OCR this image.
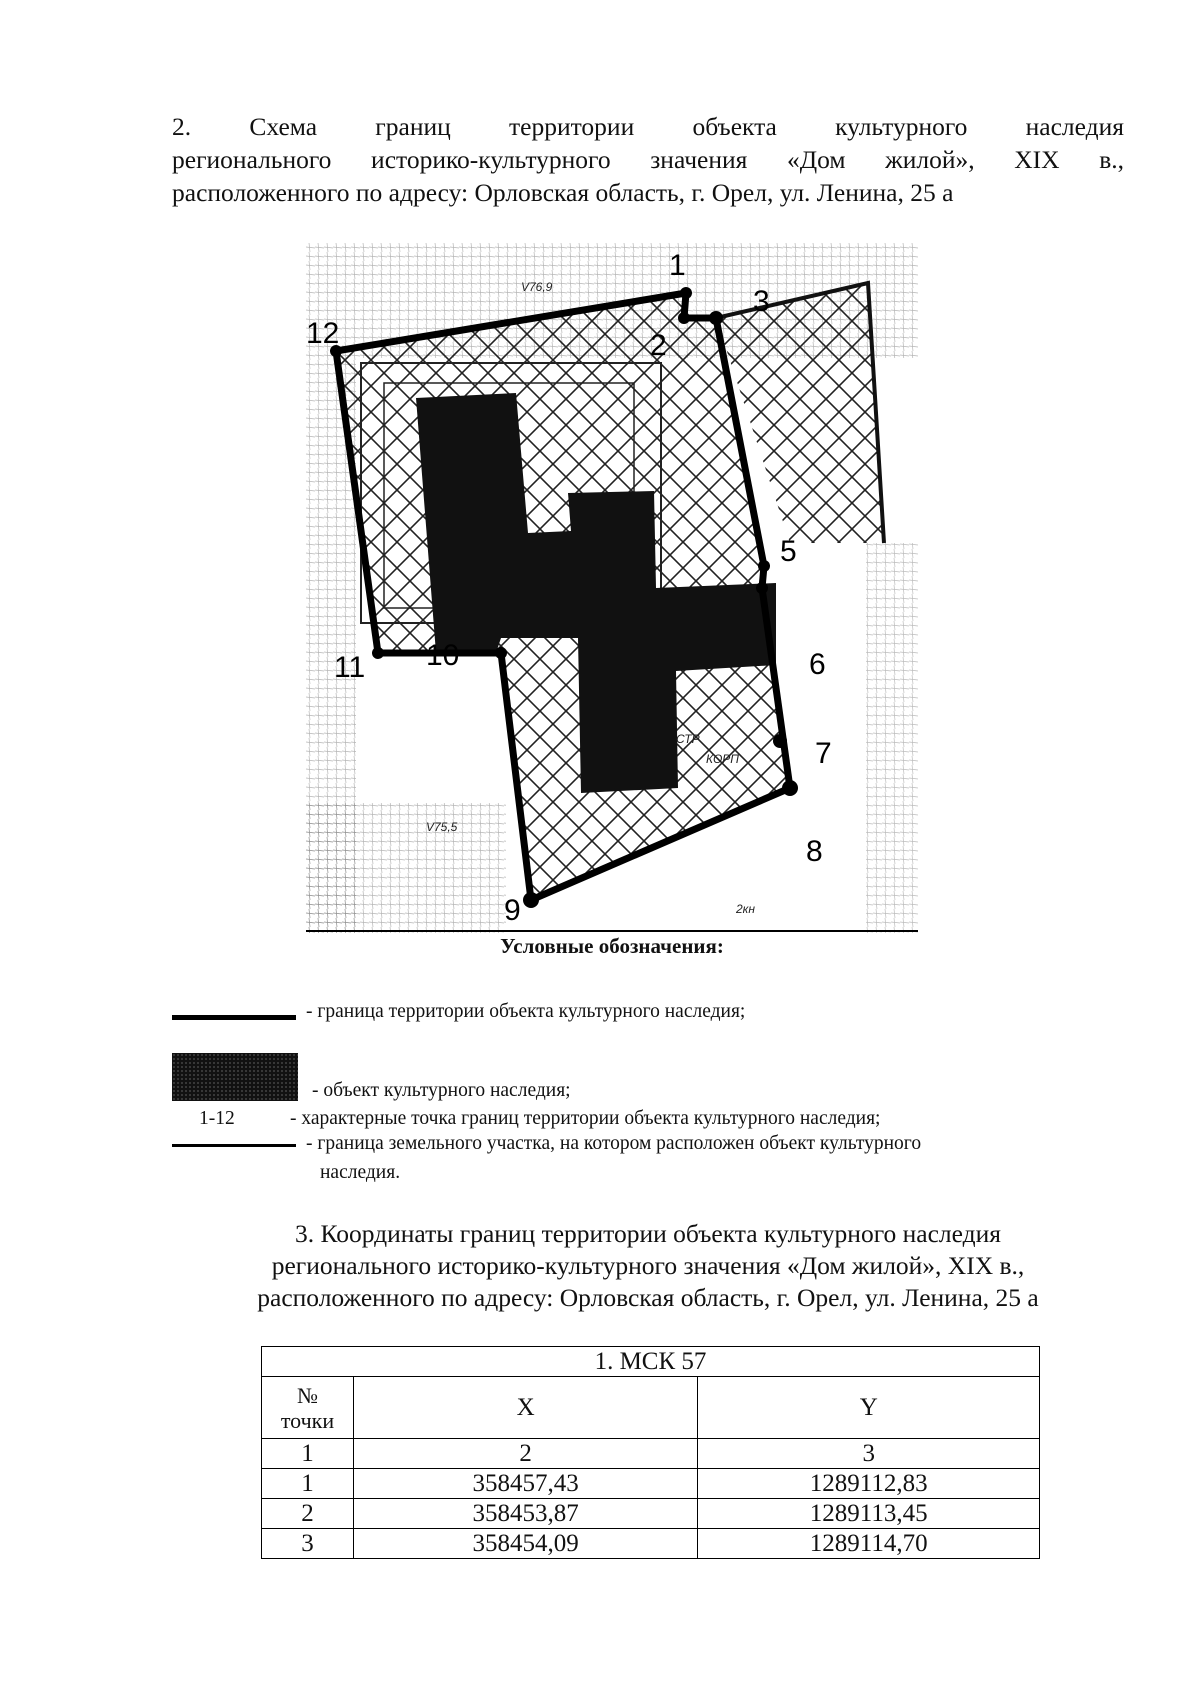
2. Схема границ территории объекта культурного наследия
регионального историко-культурного значения «Дом жилой», XIX в.,
расположенного по адресу: Орловская область, г. Орел, ул. Ленина, 25 а
1
2
3
5
6
7
8
9
10
11
12
2кн
СТР
КОРП
V75,5
V76,9
Условные обозначения:
- граница территории объекта культурного наследия;
- объект культурного наследия;
1-12	- характерные точка границ территории объекта культурного наследия;
- граница земельного участка, на котором расположен объект культурного
наследия.
3. Координаты границ территории объекта культурного наследия
регионального историко-культурного значения «Дом жилой», XIX в.,
расположенного по адресу: Орловская область, г. Орел, ул. Ленина, 25 а
1. МСК 57		

№
точки	X	Y
1	2	3
1	358457,43	1289112,83
2	358453,87	1289113,45
3	358454,09	1289114,70
